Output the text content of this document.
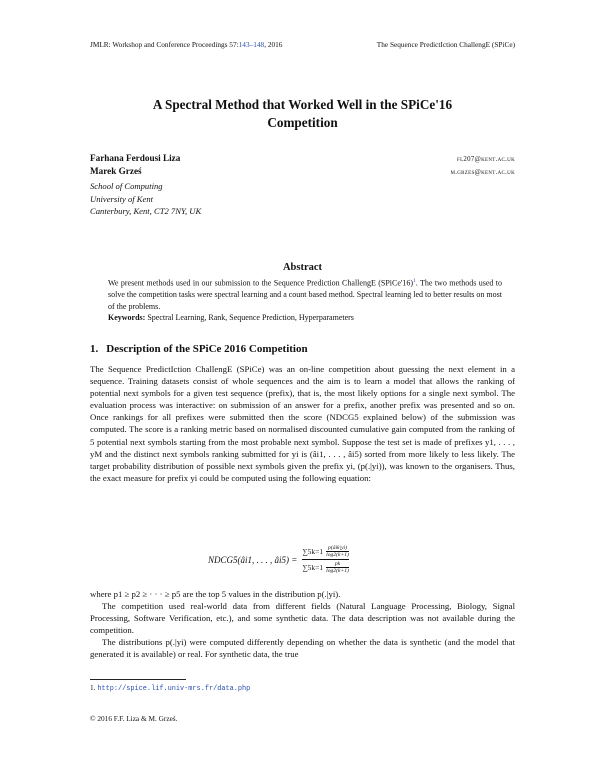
JMLR: Workshop and Conference Proceedings 57:143–148, 2016	The Sequence PredictIction ChallengE (SPiCe)
A Spectral Method that Worked Well in the SPiCe'16
Competition
Farhana Ferdousi Liza	fl207@kent.ac.uk
Marek Grześ	m.grzes@kent.ac.uk
School of Computing
University of Kent
Canterbury, Kent, CT2 7NY, UK
Abstract
We present methods used in our submission to the Sequence Prediction ChallengE (SPiCe'16)$^1$. The two methods used to solve the competition tasks were spectral learning and a count based method. Spectral learning led to better results on most of the problems.
Keywords: Spectral Learning, Rank, Sequence Prediction, Hyperparameters
1. Description of the SPiCe 2016 Competition

The Sequence PredictIction ChallengE (SPiCe) was an on-line competition about guessing the next element in a sequence. Training datasets consist of whole sequences and the aim is to learn a model that allows the ranking of potential next symbols for a given test sequence (prefix), that is, the most likely options for a single next symbol. The evaluation process was interactive: on submission of an answer for a prefix, another prefix was presented and so on. Once rankings for all prefixes were submitted then the score (NDCG5 explained below) of the submission was computed. The score is a ranking metric based on normalised discounted cumulative gain computed from the ranking of 5 potential next symbols starting from the most probable next symbol. Suppose the test set is made of prefixes y1, . . . , yM and the distinct next symbols ranking submitted for yi is (âi1, . . . , âi5) sorted from more likely to less likely. The target probability distribution of possible next symbols given the prefix yi, (p(.|yi)), was known to the organisers. Thus, the exact measure for prefix yi could be computed using the following equation:

NDCG5(âi1, . . . , âi5) = $\frac{\sum 5k=1 \frac{\text{p(âik|yi)}}{\log 2(k+1)}}{\sum 5k=1 \frac{pk}{\log 2(k+1)}}$

where p1 ≥ p2 ≥ · · · ≥ p5 are the top 5 values in the distribution p(.|yi).

The competition used real-world data from different fields (Natural Language Processing, Biology, Signal Processing, Software Verification, etc.), and some synthetic data. The data description was not available during the competition.

The distributions p(.|yi) were computed differently depending on whether the data is synthetic (and the model that generated it is available) or real. For synthetic data, the true

1. http://spice.lif.univ-mrs.fr/data.php
© 2016 F.F. Liza & M. Grześ.
